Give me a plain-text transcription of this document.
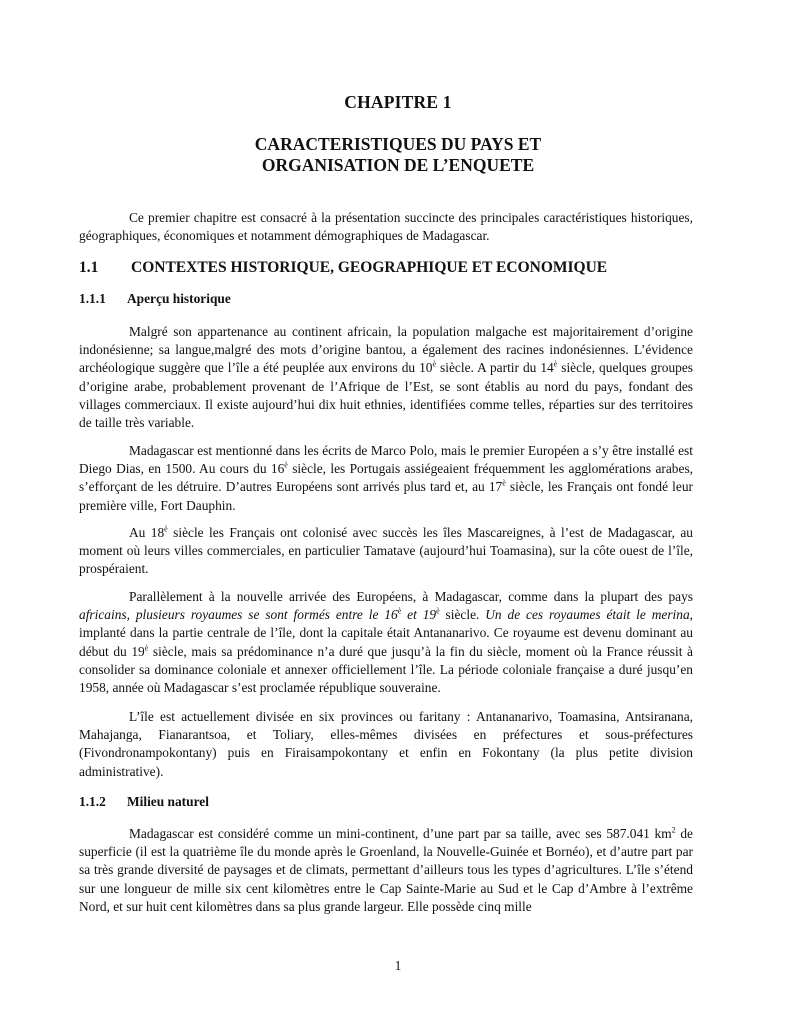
CHAPITRE 1
CARACTERISTIQUES DU PAYS ET
ORGANISATION DE L’ENQUETE

Ce premier chapitre est consacré à la présentation succincte des principales caractéristiques historiques, géographiques, économiques et notamment démographiques de Madagascar.

1.1 CONTEXTES HISTORIQUE, GEOGRAPHIQUE ET ECONOMIQUE
1.1.1 Aperçu historique

Malgré son appartenance au continent africain, la population malgache est majoritairement d’origine indonésienne; sa langue,malgré des mots d’origine bantou, a également des racines indonésiennes. L’évidence archéologique suggère que l’île a été peuplée aux environs du $10^è$ siècle. A partir du $14^è$ siècle, quelques groupes d’origine arabe, probablement provenant de l’Afrique de l’Est, se sont établis au nord du pays, fondant des villages commerciaux. Il existe aujourd’hui dix huit ethnies, identifiées comme telles, réparties sur des territoires de taille très variable.

Madagascar est mentionné dans les écrits de Marco Polo, mais le premier Européen a s’y être installé est Diego Dias, en 1500. Au cours du $16^è$ siècle, les Portugais assiégeaient fréquemment les agglomérations arabes, s’efforçant de les détruire. D’autres Européens sont arrivés plus tard et, au $17^è$ siècle, les Français ont fondé leur première ville, Fort Dauphin.

Au $18^è$ siècle les Français ont colonisé avec succès les îles Mascareignes, à l’est de Madagascar, au moment où leurs villes commerciales, en particulier Tamatave (aujourd’hui Toamasina), sur la côte ouest de l’île, prospéraient.

Parallèlement à la nouvelle arrivée des Européens, à Madagascar, comme dans la plupart des pays africains, plusieurs royaumes se sont formés entre le $16^è$ et $19^è$ siècle. Un de ces royaumes était le merina, implanté dans la partie centrale de l’île, dont la capitale était Antananarivo. Ce royaume est devenu dominant au début du $19^è$ siècle, mais sa prédominance n’a duré que jusqu’à la fin du siècle, moment où la France réussit à consolider sa dominance coloniale et annexer officiellement l’île. La période coloniale française a duré jusqu’en 1958, année où Madagascar s’est proclamée république souveraine.

L’île est actuellement divisée en six provinces ou faritany : Antananarivo, Toamasina, Antsiranana, Mahajanga, Fianarantsoa, et Toliary, elles-mêmes divisées en préfectures et sous-préfectures (Fivondronampokontany) puis en Firaisampokontany et enfin en Fokontany (la plus petite division administrative).

1.1.2 Milieu naturel

Madagascar est considéré comme un mini-continent, d’une part par sa taille, avec ses 587.041 $km^2$ de superficie (il est la quatrième île du monde après le Groenland, la Nouvelle-Guinée et Bornéo), et d’autre part par sa très grande diversité de paysages et de climats, permettant d’ailleurs tous les types d’agricultures. L’île s’étend sur une longueur de mille six cent kilomètres entre le Cap Sainte-Marie au Sud et le Cap d’Ambre à l’extrême Nord, et sur huit cent kilomètres dans sa plus grande largeur. Elle possède cinq mille

1
